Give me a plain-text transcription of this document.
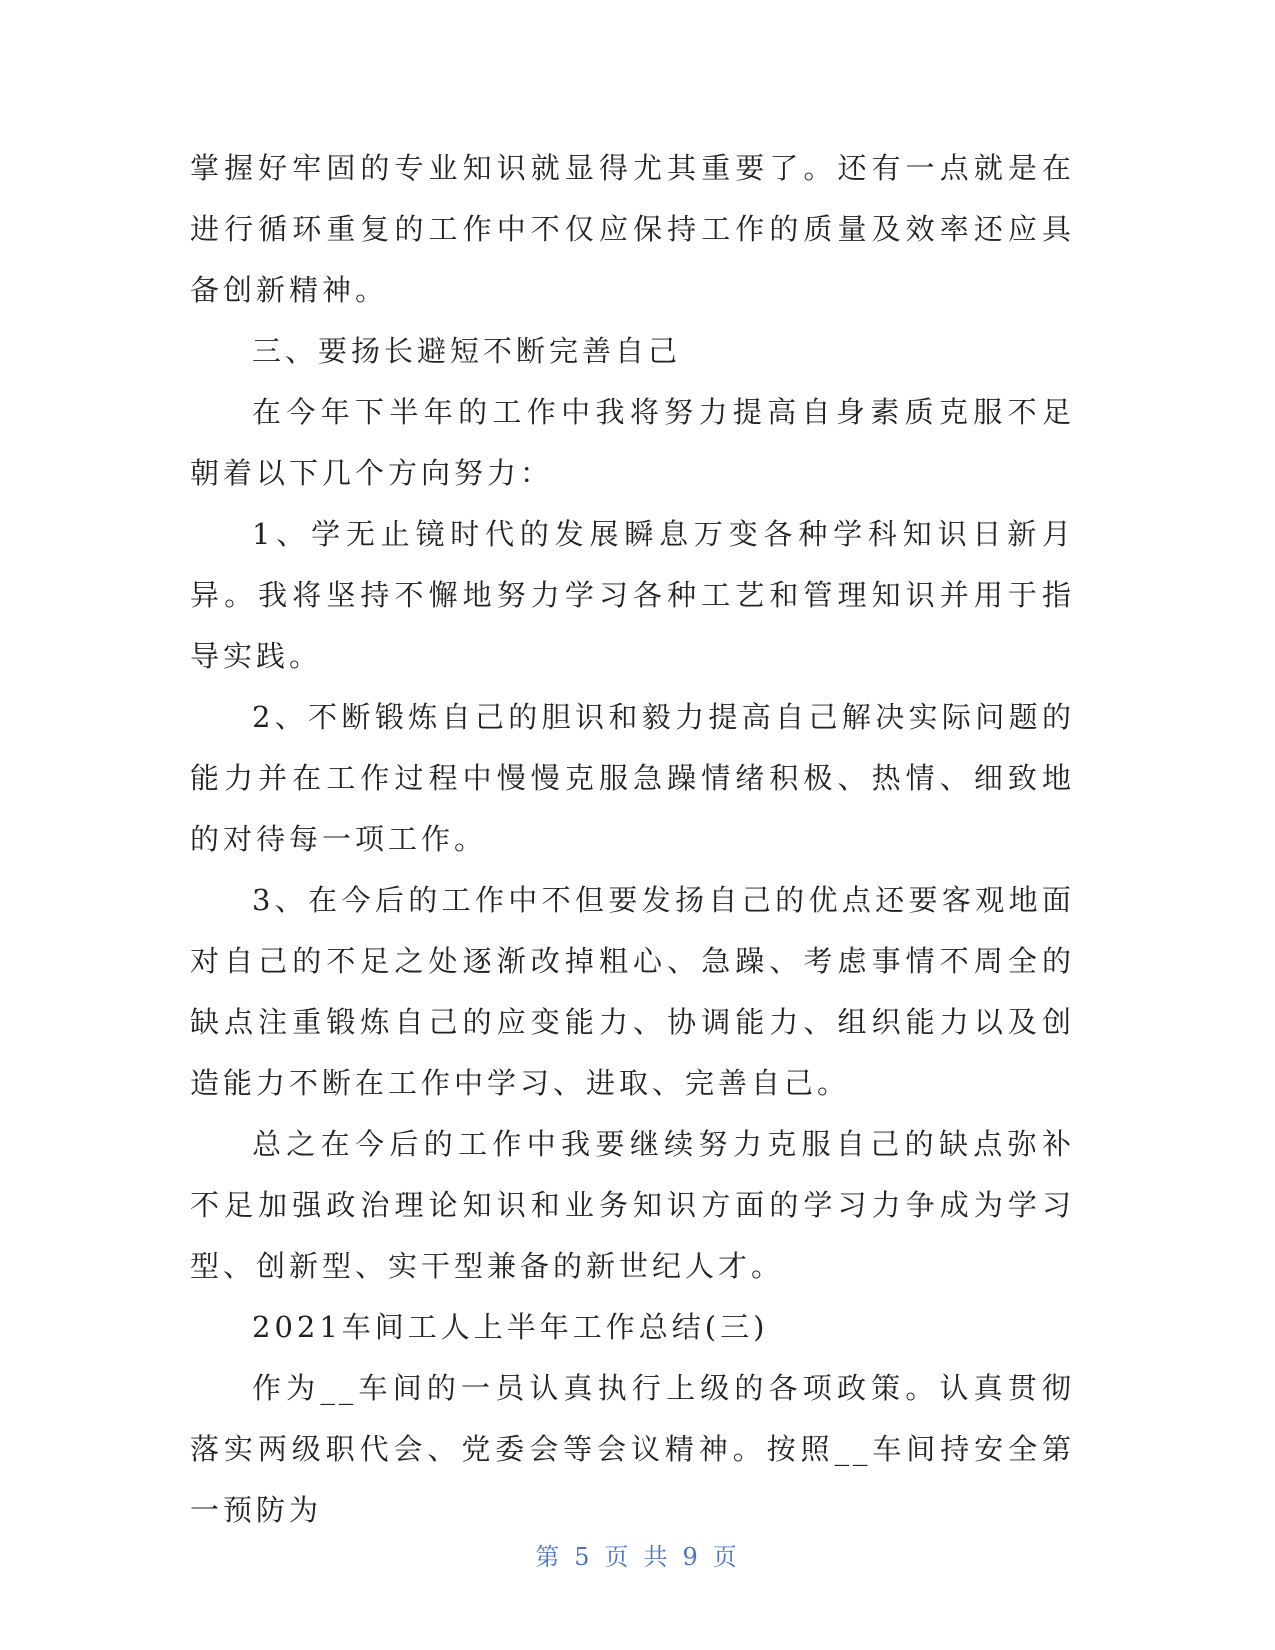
掌握好牢固的专业知识就显得尤其重要了。还有一点就是在进行循环重复的工作中不仅应保持工作的质量及效率还应具备创新精神。

三、要扬长避短不断完善自己

在今年下半年的工作中我将努力提高自身素质克服不足朝着以下几个方向努力：

1、学无止镜时代的发展瞬息万变各种学科知识日新月异。我将坚持不懈地努力学习各种工艺和管理知识并用于指导实践。

2、不断锻炼自己的胆识和毅力提高自己解决实际问题的能力并在工作过程中慢慢克服急躁情绪积极、热情、细致地的对待每一项工作。

3、在今后的工作中不但要发扬自己的优点还要客观地面对自己的不足之处逐渐改掉粗心、急躁、考虑事情不周全的缺点注重锻炼自己的应变能力、协调能力、组织能力以及创造能力不断在工作中学习、进取、完善自己。

总之在今后的工作中我要继续努力克服自己的缺点弥补不足加强政治理论知识和业务知识方面的学习力争成为学习型、创新型、实干型兼备的新世纪人才。

2021车间工人上半年工作总结(三)

作为__车间的一员认真执行上级的各项政策。认真贯彻落实两级职代会、党委会等会议精神。按照__车间持安全第一预防为

第 5 页 共 9 页
